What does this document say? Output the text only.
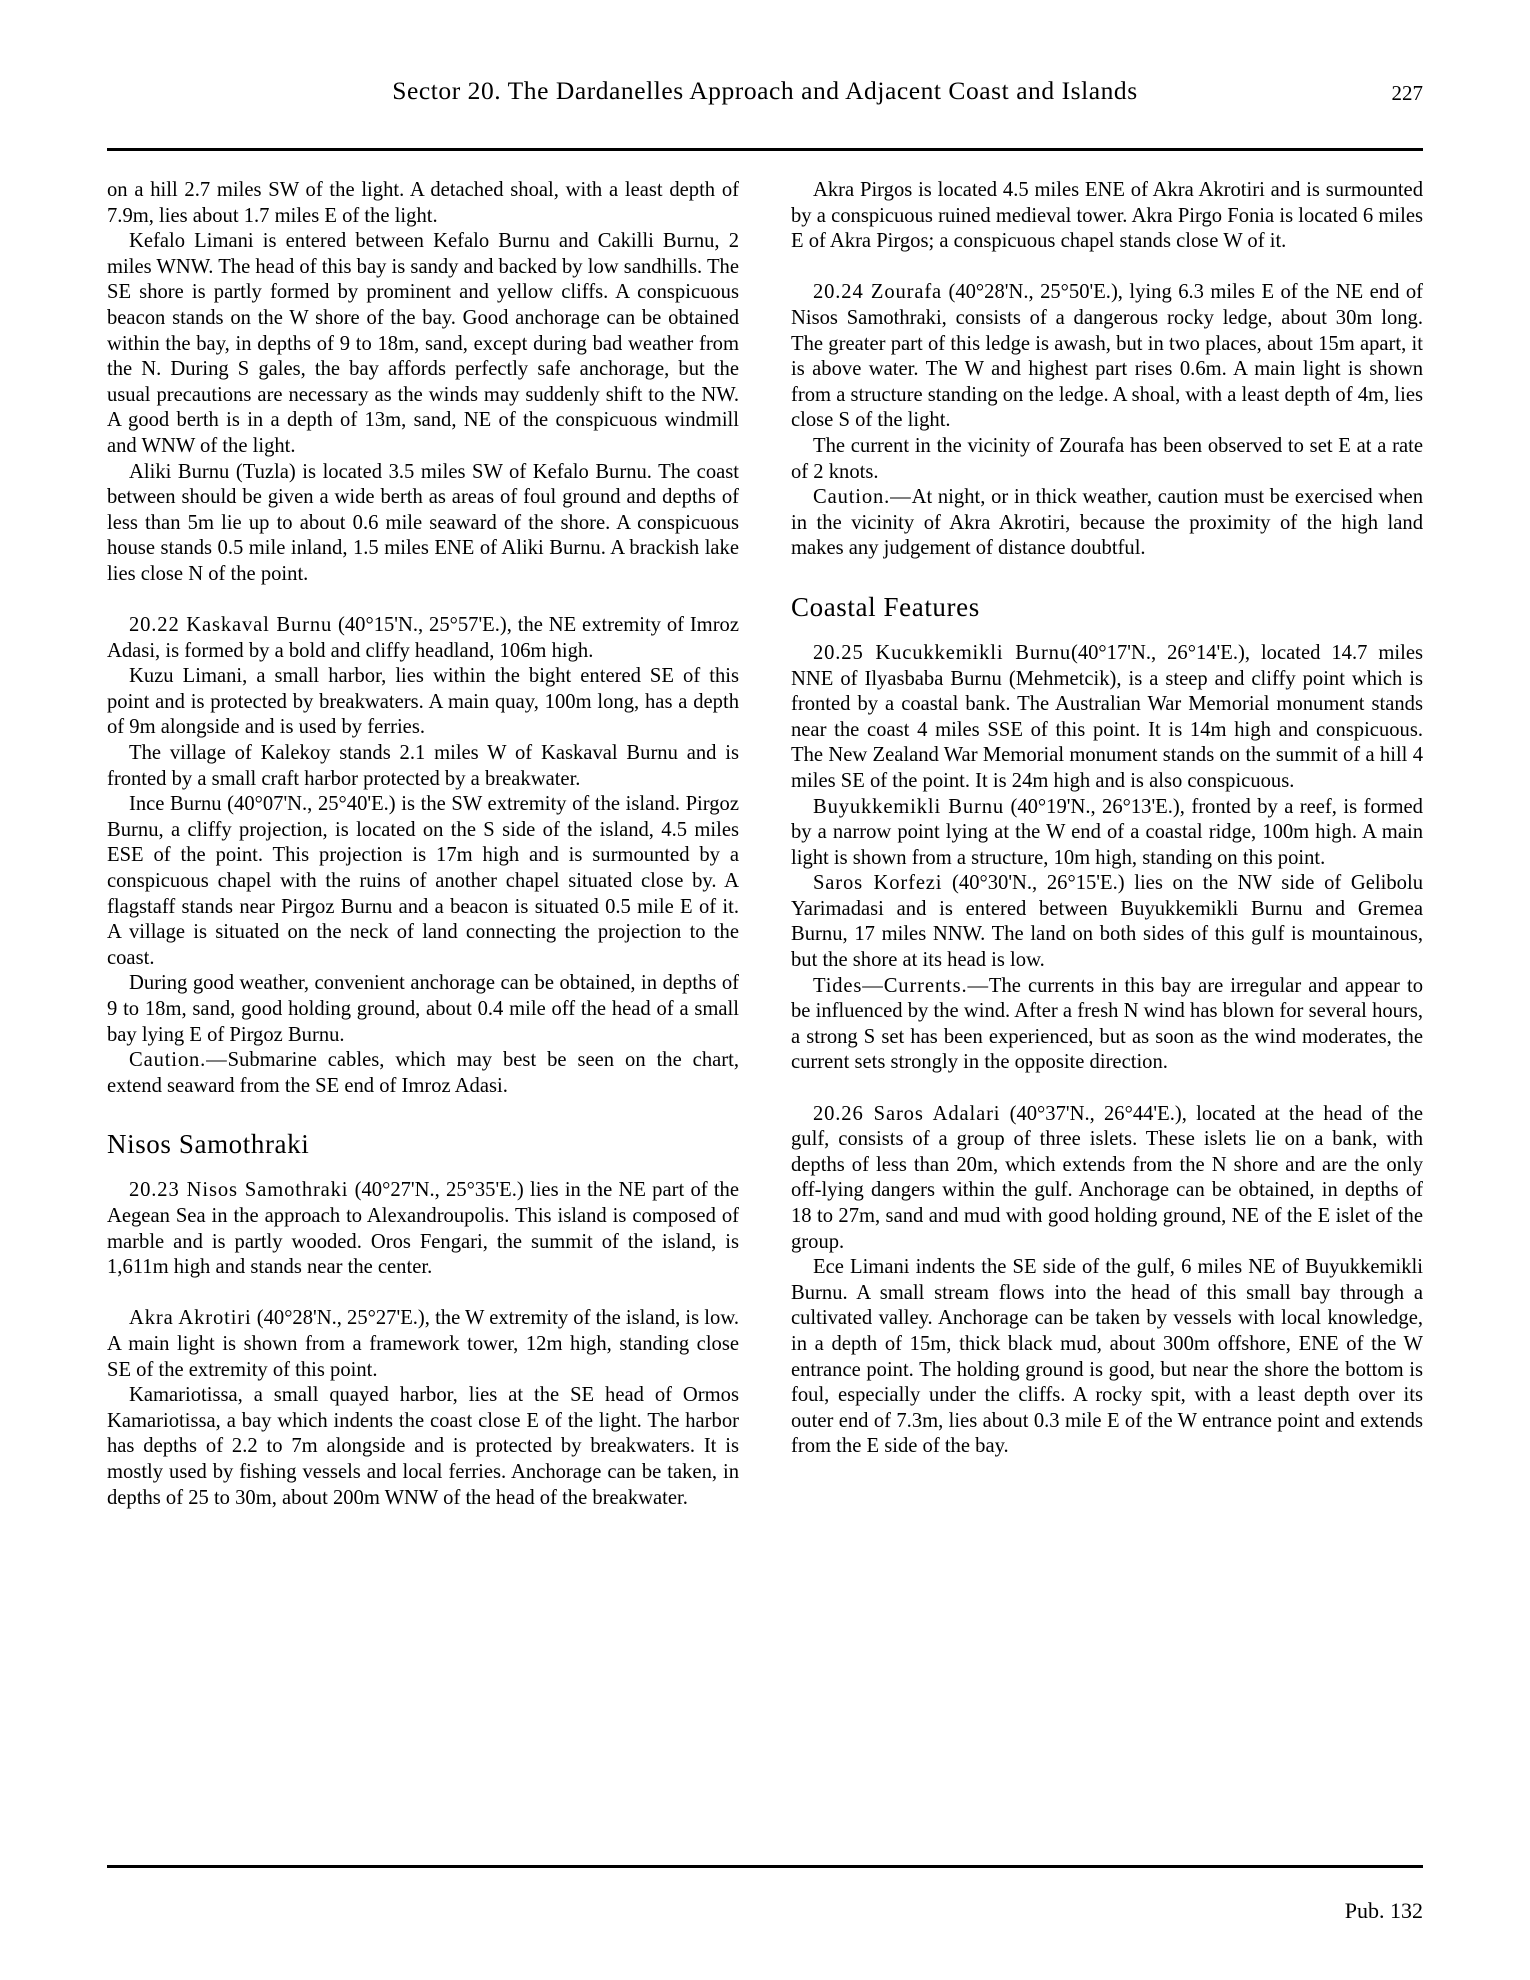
Sector 20. The Dardanelles Approach and Adjacent Coast and Islands	227

on a hill 2.7 miles SW of the light. A detached shoal, with a least depth of 7.9m, lies about 1.7 miles E of the light.

Kefalo Limani is entered between Kefalo Burnu and Cakilli Burnu, 2 miles WNW. The head of this bay is sandy and backed by low sandhills. The SE shore is partly formed by prominent and yellow cliffs. A conspicuous beacon stands on the W shore of the bay. Good anchorage can be obtained within the bay, in depths of 9 to 18m, sand, except during bad weather from the N. During S gales, the bay affords perfectly safe anchorage, but the usual precautions are necessary as the winds may suddenly shift to the NW. A good berth is in a depth of 13m, sand, NE of the conspicuous windmill and WNW of the light.

Aliki Burnu (Tuzla) is located 3.5 miles SW of Kefalo Burnu. The coast between should be given a wide berth as areas of foul ground and depths of less than 5m lie up to about 0.6 mile seaward of the shore. A conspicuous house stands 0.5 mile inland, 1.5 miles ENE of Aliki Burnu. A brackish lake lies close N of the point.

20.22 Kaskaval Burnu (40°15'N., 25°57'E.), the NE extremity of Imroz Adasi, is formed by a bold and cliffy headland, 106m high.

Kuzu Limani, a small harbor, lies within the bight entered SE of this point and is protected by breakwaters. A main quay, 100m long, has a depth of 9m alongside and is used by ferries.

The village of Kalekoy stands 2.1 miles W of Kaskaval Burnu and is fronted by a small craft harbor protected by a breakwater.

Ince Burnu (40°07'N., 25°40'E.) is the SW extremity of the island. Pirgoz Burnu, a cliffy projection, is located on the S side of the island, 4.5 miles ESE of the point. This projection is 17m high and is surmounted by a conspicuous chapel with the ruins of another chapel situated close by. A flagstaff stands near Pirgoz Burnu and a beacon is situated 0.5 mile E of it. A village is situated on the neck of land connecting the projection to the coast.

During good weather, convenient anchorage can be obtained, in depths of 9 to 18m, sand, good holding ground, about 0.4 mile off the head of a small bay lying E of Pirgoz Burnu.

Caution.—Submarine cables, which may best be seen on the chart, extend seaward from the SE end of Imroz Adasi.

Nisos Samothraki

20.23 Nisos Samothraki (40°27'N., 25°35'E.) lies in the NE part of the Aegean Sea in the approach to Alexandroupolis. This island is composed of marble and is partly wooded. Oros Fengari, the summit of the island, is 1,611m high and stands near the center.

Akra Akrotiri (40°28'N., 25°27'E.), the W extremity of the island, is low. A main light is shown from a framework tower, 12m high, standing close SE of the extremity of this point.

Kamariotissa, a small quayed harbor, lies at the SE head of Ormos Kamariotissa, a bay which indents the coast close E of the light. The harbor has depths of 2.2 to 7m alongside and is protected by breakwaters. It is mostly used by fishing vessels and local ferries. Anchorage can be taken, in depths of 25 to 30m, about 200m WNW of the head of the breakwater.

Akra Pirgos is located 4.5 miles ENE of Akra Akrotiri and is surmounted by a conspicuous ruined medieval tower. Akra Pirgo Fonia is located 6 miles E of Akra Pirgos; a conspicuous chapel stands close W of it.

20.24 Zourafa (40°28'N., 25°50'E.), lying 6.3 miles E of the NE end of Nisos Samothraki, consists of a dangerous rocky ledge, about 30m long. The greater part of this ledge is awash, but in two places, about 15m apart, it is above water. The W and highest part rises 0.6m. A main light is shown from a structure standing on the ledge. A shoal, with a least depth of 4m, lies close S of the light.

The current in the vicinity of Zourafa has been observed to set E at a rate of 2 knots.

Caution.—At night, or in thick weather, caution must be exercised when in the vicinity of Akra Akrotiri, because the proximity of the high land makes any judgement of distance doubtful.

Coastal Features

20.25 Kucukkemikli Burnu(40°17'N., 26°14'E.), located 14.7 miles NNE of Ilyasbaba Burnu (Mehmetcik), is a steep and cliffy point which is fronted by a coastal bank. The Australian War Memorial monument stands near the coast 4 miles SSE of this point. It is 14m high and conspicuous. The New Zealand War Memorial monument stands on the summit of a hill 4 miles SE of the point. It is 24m high and is also conspicuous.

Buyukkemikli Burnu (40°19'N., 26°13'E.), fronted by a reef, is formed by a narrow point lying at the W end of a coastal ridge, 100m high. A main light is shown from a structure, 10m high, standing on this point.

Saros Korfezi (40°30'N., 26°15'E.) lies on the NW side of Gelibolu Yarimadasi and is entered between Buyukkemikli Burnu and Gremea Burnu, 17 miles NNW. The land on both sides of this gulf is mountainous, but the shore at its head is low.

Tides—Currents.—The currents in this bay are irregular and appear to be influenced by the wind. After a fresh N wind has blown for several hours, a strong S set has been experienced, but as soon as the wind moderates, the current sets strongly in the opposite direction.

20.26 Saros Adalari (40°37'N., 26°44'E.), located at the head of the gulf, consists of a group of three islets. These islets lie on a bank, with depths of less than 20m, which extends from the N shore and are the only off-lying dangers within the gulf. Anchorage can be obtained, in depths of 18 to 27m, sand and mud with good holding ground, NE of the E islet of the group.

Ece Limani indents the SE side of the gulf, 6 miles NE of Buyukkemikli Burnu. A small stream flows into the head of this small bay through a cultivated valley. Anchorage can be taken by vessels with local knowledge, in a depth of 15m, thick black mud, about 300m offshore, ENE of the W entrance point. The holding ground is good, but near the shore the bottom is foul, especially under the cliffs. A rocky spit, with a least depth over its outer end of 7.3m, lies about 0.3 mile E of the W entrance point and extends from the E side of the bay.

Pub. 132
